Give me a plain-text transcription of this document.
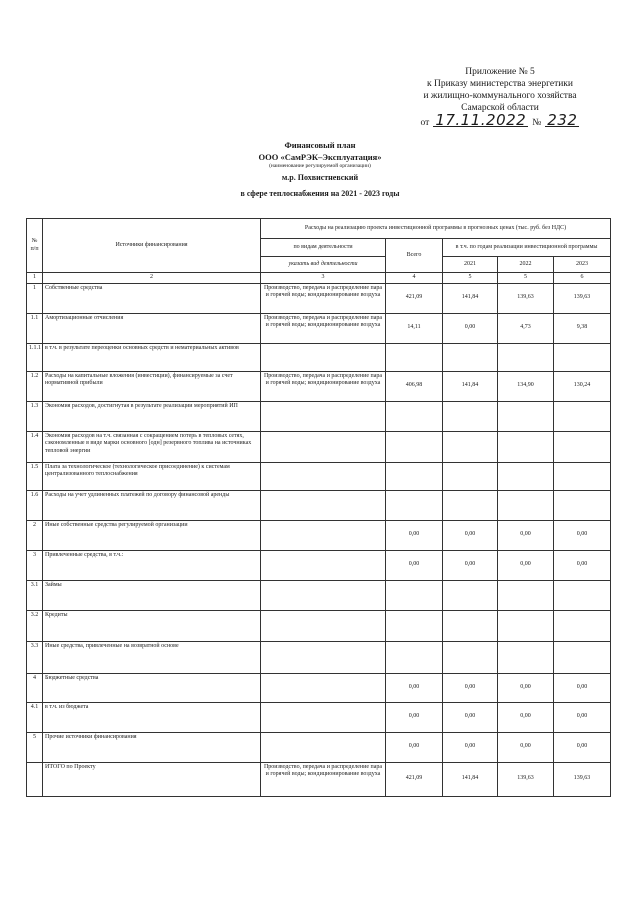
Приложение № 5
к Приказу министерства энергетики
и жилищно-коммунального хозяйства
Самарской области
от 17.11.2022 № 232
Финансовый план
ООО «СамРЭК–Эксплуатация»
(наименование регулируемой организации)
м.р. Похвистневский
в сфере теплоснабжения на 2021 - 2023 годы
№ п/п	Источники финансирования	Расходы на реализацию проекта инвестиционной программы в прогнозных ценах (тыс. руб. без НДС)				
		по видам деятельности	Всего	в т.ч. по годам реализации инвестиционной программы		
		указать вид деятельности		2021	2022	2023
1	2	3	4	5	5	6
1	Собственные средства	Производство, передача и распределение пара и горячей воды; кондиционирование воздуха	421,09	141,84	139,63	139,63
1.1	Амортизационные отчисления	Производство, передача и распределение пара и горячей воды; кондиционирование воздуха	14,11	0,00	4,73	9,38
1.1.1	в т.ч. в результате переоценки основных средств и нематериальных активов					
1.2	Расходы на капитальные вложения (инвестиции), финансируемые за счет нормативной прибыли	Производство, передача и распределение пара и горячей воды; кондиционирование воздуха	406,98	141,84	134,90	130,24
1.3	Экономия расходов, достигнутая в результате реализации мероприятий ИП					
1.4	Экономия расходов на т.ч. связанная с сокращением потерь в тепловых сетях, сэкономленные в виде марки основного [одн] резервного топлива на источниках тепловой энергии					
1.5	Плата за технологическое (технологическое присоединение) к системам централизованного теплоснабжения					
1.6	Расходы на учет удлиненных платежей по договору финансовой аренды					
2	Иные собственные средства регулируемой организации		0,00	0,00	0,00	0,00
3	Привлеченные средства, в т.ч.:		0,00	0,00	0,00	0,00
3.1	Займы					
3.2	Кредиты					
3.3	Иные средства, привлеченные на возвратной основе					
4	Бюджетные средства		0,00	0,00	0,00	0,00
4.1	в т.ч. из бюджета		0,00	0,00	0,00	0,00
5	Прочие источники финансирования		0,00	0,00	0,00	0,00
	ИТОГО по Проекту	Производство, передача и распределение пара и горячей воды; кондиционирование воздуха	421,09	141,84	139,63	139,63
